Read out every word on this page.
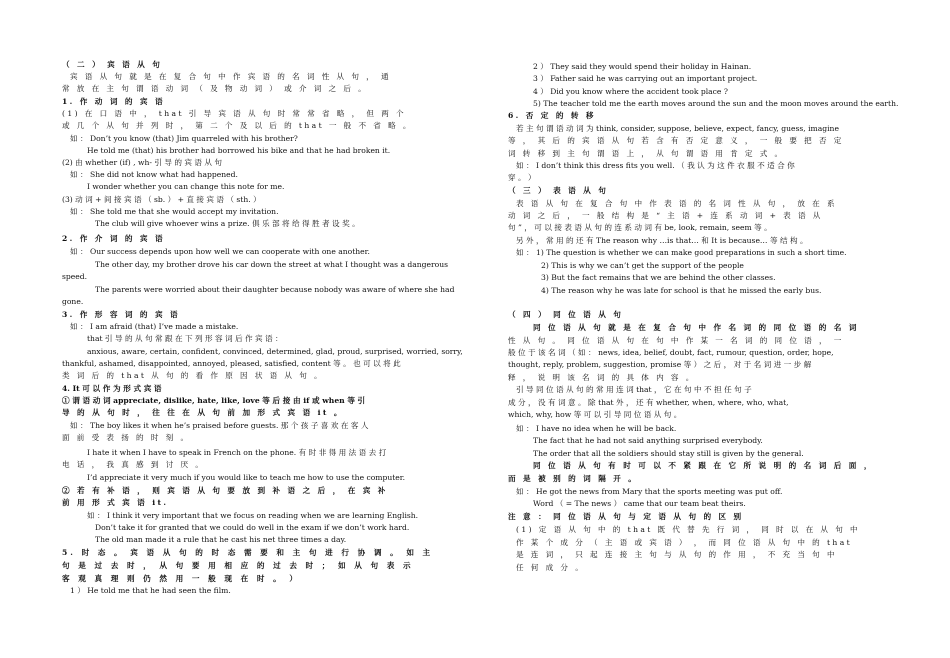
（ 二 ） 宾 语 从 句
宾 语 从 句 就 是 在 复 合 句 中 作 宾 语 的 名 词 性 从 句 ， 通
常 放 在 主 句 谓 语 动 词 （ 及 物 动 词 ） 或 介 词 之 后 。
1. 作 动 词 的 宾 语
(1) 在 口 语 中 ， that 引 导 宾 语 从 句 时 常 常 省 略 ， 但 两 个
或 几 个 从 句 并 列 时 ， 第 二 个 及 以 后 的 that 一 般 不 省 略 。
如 ： Don’t you know (that) Jim quarreled with his brother?
He told me (that) his brother had borrowed his bike and that he had broken it.
(2) 由 whether (if) , wh- 引 导 的 宾 语 从 句
如 ： She did not know what had happened.
I wonder whether you can change this note for me.
(3) 动 词 + 间 接 宾 语 （ sb. ） + 直 接 宾 语 （ sth. ）
如 ： She told me that she would accept my invitation.
The club will give whoever wins a prize. 俱 乐 部 将 给 得 胜 者 设 奖 。
2. 作 介 词 的 宾 语
如 ： Our success depends upon how well we can cooperate with one another.
The other day, my brother drove his car down the street at what I thought was a dangerous
speed.
The parents were worried about their daughter because nobody was aware of where she had
gone.
3. 作 形 容 词 的 宾 语
如 ： I am afraid (that) I’ve made a mistake.
that 引 导 的 从 句 常 跟 在 下 列 形 容 词 后 作 宾 语 ：
anxious, aware, certain, confident, convinced, determined, glad, proud, surprised, worried, sorry,
thankful, ashamed, disappointed, annoyed, pleased, satisfied, content 等 。 也 可 以 将 此
类 词 后 的 that 从 句 的 看 作 原 因 状 语 从 句 。
4. It 可 以 作 为 形 式 宾 语
① 谓 语 动 词 appreciate, dislike, hate, like, love 等 后 接 由 if 或 when 等 引
导 的 从 句 时 ， 往 往 在 从 句 前 加 形 式 宾 语 it 。
如 ： The boy likes it when he’s praised before guests. 那 个 孩 子 喜 欢 在 客 人
面 前 受 表 扬 的 时 刻 。
I hate it when I have to speak in French on the phone. 有 时 非 得 用 法 语 去 打
电 话 ， 我 真 感 到 讨 厌 。
I’d appreciate it very much if you would like to teach me how to use the computer.
② 若 有 补 语 ， 则 宾 语 从 句 要 放 到 补 语 之 后 ， 在 宾 补
前 用 形 式 宾 语 it.
如 ： I think it very important that we focus on reading when we are learning English.
Don’t take it for granted that we could do well in the exam if we don’t work hard.
The old man made it a rule that he cast his net three times a day.
5. 时 态 。 宾 语 从 句 的 时 态 需 要 和 主 句 进 行 协 调 。 如 主
句 是 过 去 时 ， 从 句 要 用 相 应 的 过 去 时 ； 如 从 句 表 示
客 观 真 理 则 仍 然 用 一 般 现 在 时 。 ）
1 ） He told me that he had seen the film.
2 ） They said they would spend their holiday in Hainan.
3 ） Father said he was carrying out an important project.
4 ） Did you know where the accident took place ?
5) The teacher told me the earth moves around the sun and the moon moves around the earth.
6. 否 定 的 转 移
若 主 句 谓 语 动 词 为 think, consider, suppose, believe, expect, fancy, guess, imagine
等 ， 其 后 的 宾 语 从 句 若 含 有 否 定 意 义 ， 一 般 要 把 否 定
词 转 移 到 主 句 谓 语 上 ， 从 句 谓 语 用 肯 定 式 。
如 ： I don’t think this dress fits you well. （ 我 认 为 这 件 衣 服 不 适 合 你
穿 。 ）
（ 三 ） 表 语 从 句
表 语 从 句 在 复 合 句 中 作 表 语 的 名 词 性 从 句 ， 放 在 系
动 词 之 后 ， 一 般 结 构 是 “ 主 语 + 连 系 动 词 + 表 语 从
句 ” ， 可 以 接 表 语 从 句 的 连 系 动 词 有 be, look, remain, seem 等 。
另 外 ， 常 用 的 还 有 The reason why …is that… 和 It is because… 等 结 构 。
如 ： 1) The question is whether we can make good preparations in such a short time.
2) This is why we can’t get the support of the people
3) But the fact remains that we are behind the other classes.
4) The reason why he was late for school is that he missed the early bus.
（ 四 ） 同 位 语 从 句
同 位 语 从 句 就 是 在 复 合 句 中 作 名 词 的 同 位 语 的 名 词
性 从 句 。 同 位 语 从 句 在 句 中 作 某 一 名 词 的 同 位 语 ， 一
般 位 于 该 名 词 （ 如 ： news, idea, belief, doubt, fact, rumour, question, order, hope,
thought, reply, problem, suggestion, promise 等 ） 之 后 ， 对 于 名 词 进 一 步 解
释 ， 说 明 该 名 词 的 具 体 内 容 。
引 导 同 位 语 从 句 的 常 用 连 词 that ， 它 在 句 中 不 担 任 句 子
成 分 ， 没 有 词 意 。 除 that 外 ， 还 有 whether, when, where, who, what,
which, why, how 等 可 以 引 导 同 位 语 从 句 。
如 ： I have no idea when he will be back.
The fact that he had not said anything surprised everybody.
The order that all the soldiers should stay still is given by the general.
同 位 语 从 句 有 时 可 以 不 紧 跟 在 它 所 说 明 的 名 词 后 面 ，
而 是 被 别 的 词 隔 开 。
如 ： He got the news from Mary that the sports meeting was put off.
Word （ = The news ） came that our team beat theirs.
注 意 ： 同 位 语 从 句 与 定 语 从 句 的 区 别
(1) 定 语 从 句 中 的 that 既 代 替 先 行 词 ， 同 时 以 在 从 句 中
作 某 个 成 分 （ 主 语 或 宾 语 ） ， 而 同 位 语 从 句 中 的 that
是 连 词 ， 只 起 连 接 主 句 与 从 句 的 作 用 ， 不 充 当 句 中
任 何 成 分 。
